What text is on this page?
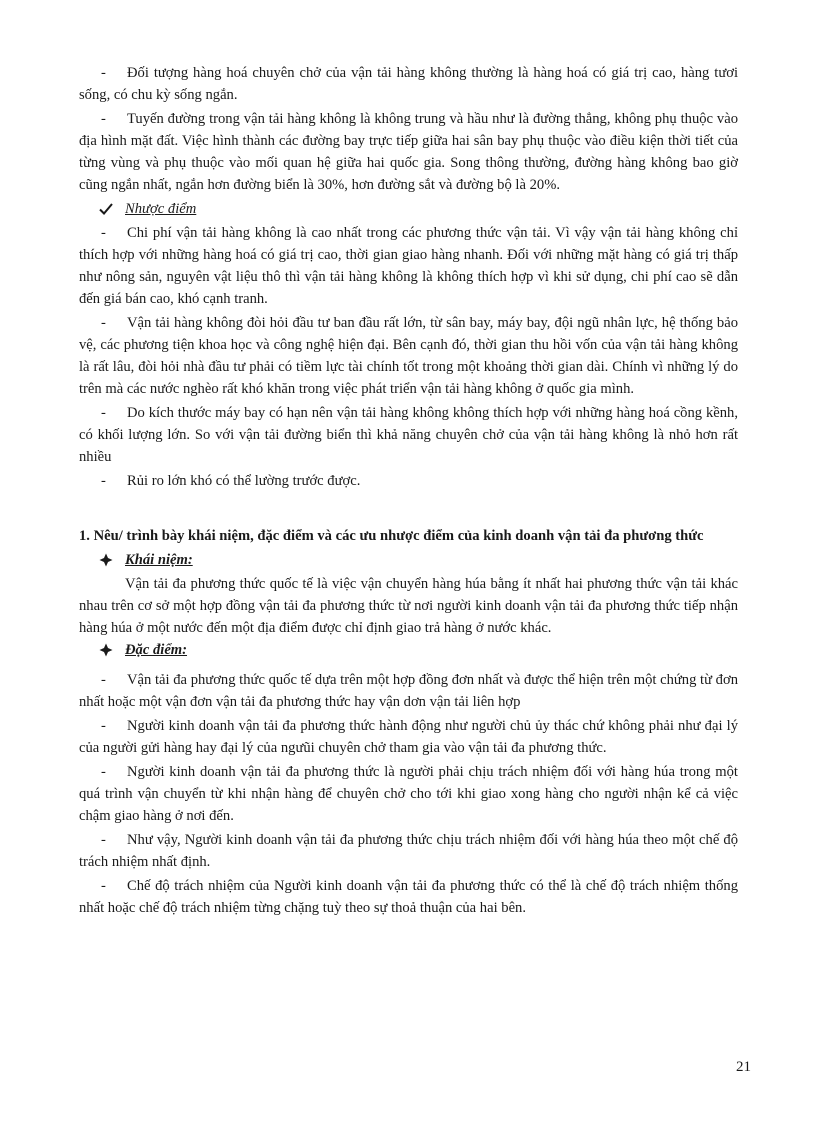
- Đối tượng hàng hoá chuyên chở của vận tải hàng không thường là hàng hoá có giá trị cao, hàng tươi sống, có chu kỳ sống ngắn.

- Tuyến đường trong vận tải hàng không là không trung và hầu như là đường thẳng, không phụ thuộc vào địa hình mặt đất. Việc hình thành các đường bay trực tiếp giữa hai sân bay phụ thuộc vào điều kiện thời tiết của từng vùng và phụ thuộc vào mối quan hệ giữa hai quốc gia. Song thông thường, đường hàng không bao giờ cũng ngắn nhất, ngắn hơn đường biển là 30%, hơn đường sắt và đường bộ là 20%.

Nhược điểm

- Chi phí vận tải hàng không là cao nhất trong các phương thức vận tải. Vì vậy vận tải hàng không chỉ thích hợp với những hàng hoá có giá trị cao, thời gian giao hàng nhanh. Đối với những mặt hàng có giá trị thấp như nông sản, nguyên vật liệu thô thì vận tải hàng không là không thích hợp vì khi sử dụng, chi phí cao sẽ dẫn đến giá bán cao, khó cạnh tranh.

- Vận tải hàng không đòi hỏi đầu tư ban đầu rất lớn, từ sân bay, máy bay, đội ngũ nhân lực, hệ thống bảo vệ, các phương tiện khoa học và công nghệ hiện đại. Bên cạnh đó, thời gian thu hồi vốn của vận tải hàng không là rất lâu, đòi hỏi nhà đầu tư phải có tiềm lực tài chính tốt trong một khoảng thời gian dài. Chính vì những lý do trên mà các nước nghèo rất khó khăn trong việc phát triển vận tải hàng không ở quốc gia mình.

- Do kích thước máy bay có hạn nên vận tải hàng không không thích hợp với những hàng hoá cồng kềnh, có khối lượng lớn. So với vận tải đường biển thì khả năng chuyên chở của vận tải hàng không là nhỏ hơn rất nhiều

- Rủi ro lớn khó có thể lường trước được.

1. Nêu/ trình bày khái niệm, đặc điểm và các ưu nhược điểm của kinh doanh vận tải đa phương thức

Khái niệm:

Vận tải đa phương thức quốc tế là việc vận chuyển hàng húa bằng ít nhất hai phương thức vận tải khác nhau trên cơ sở một hợp đồng vận tải đa phương thức từ nơi người kinh doanh vận tải đa phương thức tiếp nhận hàng húa ở một nước đến một địa điểm được chỉ định giao trả hàng ở nước khác.

Đặc điểm:

- Vận tải đa phương thức quốc tế dựa trên một hợp đồng đơn nhất và được thể hiện trên một chứng từ đơn nhất hoặc một vận đơn vận tải đa phương thức hay vận dơn vận tải liên hợp

- Người kinh doanh vận tải đa phương thức hành động như người chủ ủy thác chứ không phải như đại lý của người gửi hàng hay đại lý của ngưũi chuyên chở tham gia vào vận tải đa phương thức.

- Người kinh doanh vận tải đa phương thức là người phải chịu trách nhiệm đối với hàng húa trong một quá trình vận chuyển từ khi nhận hàng để chuyên chở cho tới khi giao xong hàng cho người nhận kể cả việc chậm giao hàng ở nơi đến.

- Như vậy, Người kinh doanh vận tải đa phương thức chịu trách nhiệm đối với hàng húa theo một chế độ trách nhiệm nhất định.

- Chế độ trách nhiệm của Người kinh doanh vận tải đa phương thức có thể là chế độ trách nhiệm thống nhất hoặc chế độ trách nhiệm từng chặng tuỳ theo sự thoả thuận của hai bên.

21
